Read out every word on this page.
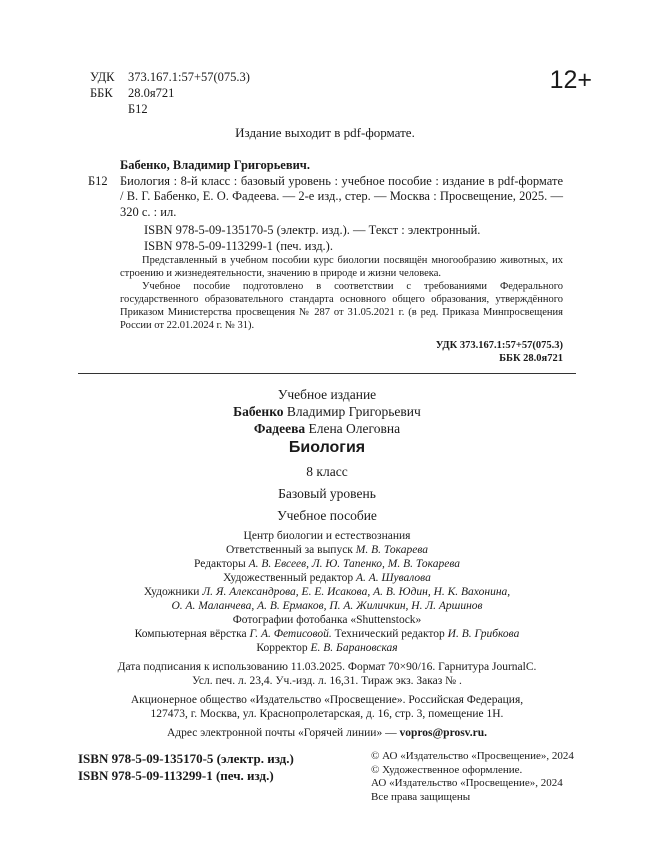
УДК	373.167.1:57+57(075.3)
ББК	28.0я721
Б12
12+
Издание выходит в pdf-формате.
Бабенко, Владимир Григорьевич.
Б12 Биология : 8-й класс : базовый уровень : учебное пособие : издание в pdf-формате / В. Г. Бабенко, Е. О. Фадеева. — 2-е изд., стер. — Москва : Просвещение, 2025. — 320 с. : ил.
ISBN 978-5-09-135170-5 (электр. изд.). — Текст : электронный.
ISBN 978-5-09-113299-1 (печ. изд.).
Представленный в учебном пособии курс биологии посвящён многообразию животных, их строению и жизнедеятельности, значению в природе и жизни человека.
Учебное пособие подготовлено в соответствии с требованиями Федерального государственного образовательного стандарта основного общего образования, утверждённого Приказом Министерства просвещения № 287 от 31.05.2021 г. (в ред. Приказа Минпросвещения России от 22.01.2024 г. № 31).
УДК 373.167.1:57+57(075.3)
ББК 28.0я721
Учебное издание
Бабенко Владимир Григорьевич
Фадеева Елена Олеговна
Биология
8 класс
Базовый уровень
Учебное пособие
Центр биологии и естествознания
Ответственный за выпуск М. В. Токарева
Редакторы А. В. Евсеев, Л. Ю. Тапенко, М. В. Токарева
Художественный редактор А. А. Шувалова
Художники Л. Я. Александрова, Е. Е. Исакова, А. В. Юдин, Н. К. Вахонина,
О. А. Маланчева, А. В. Ермаков, П. А. Жиличкин, Н. Л. Аршинов
Фотографии фотобанка «Shuttenstock»
Компьютерная вёрстка Г. А. Фетисовой. Технический редактор И. В. Грибкова
Корректор Е. В. Барановская
Дата подписания к использованию 11.03.2025. Формат 70×90/16. Гарнитура JournalC.
Усл. печ. л. 23,4. Уч.-изд. л. 16,31. Тираж экз. Заказ № .
Акционерное общество «Издательство «Просвещение». Российская Федерация,
127473, г. Москва, ул. Краснопролетарская, д. 16, стр. 3, помещение 1Н.
Адрес электронной почты «Горячей линии» — vopros@prosv.ru.
ISBN 978-5-09-135170-5 (электр. изд.)
ISBN 978-5-09-113299-1 (печ. изд.)
© АО «Издательство «Просвещение», 2024
© Художественное оформление.
АО «Издательство «Просвещение», 2024
Все права защищены
